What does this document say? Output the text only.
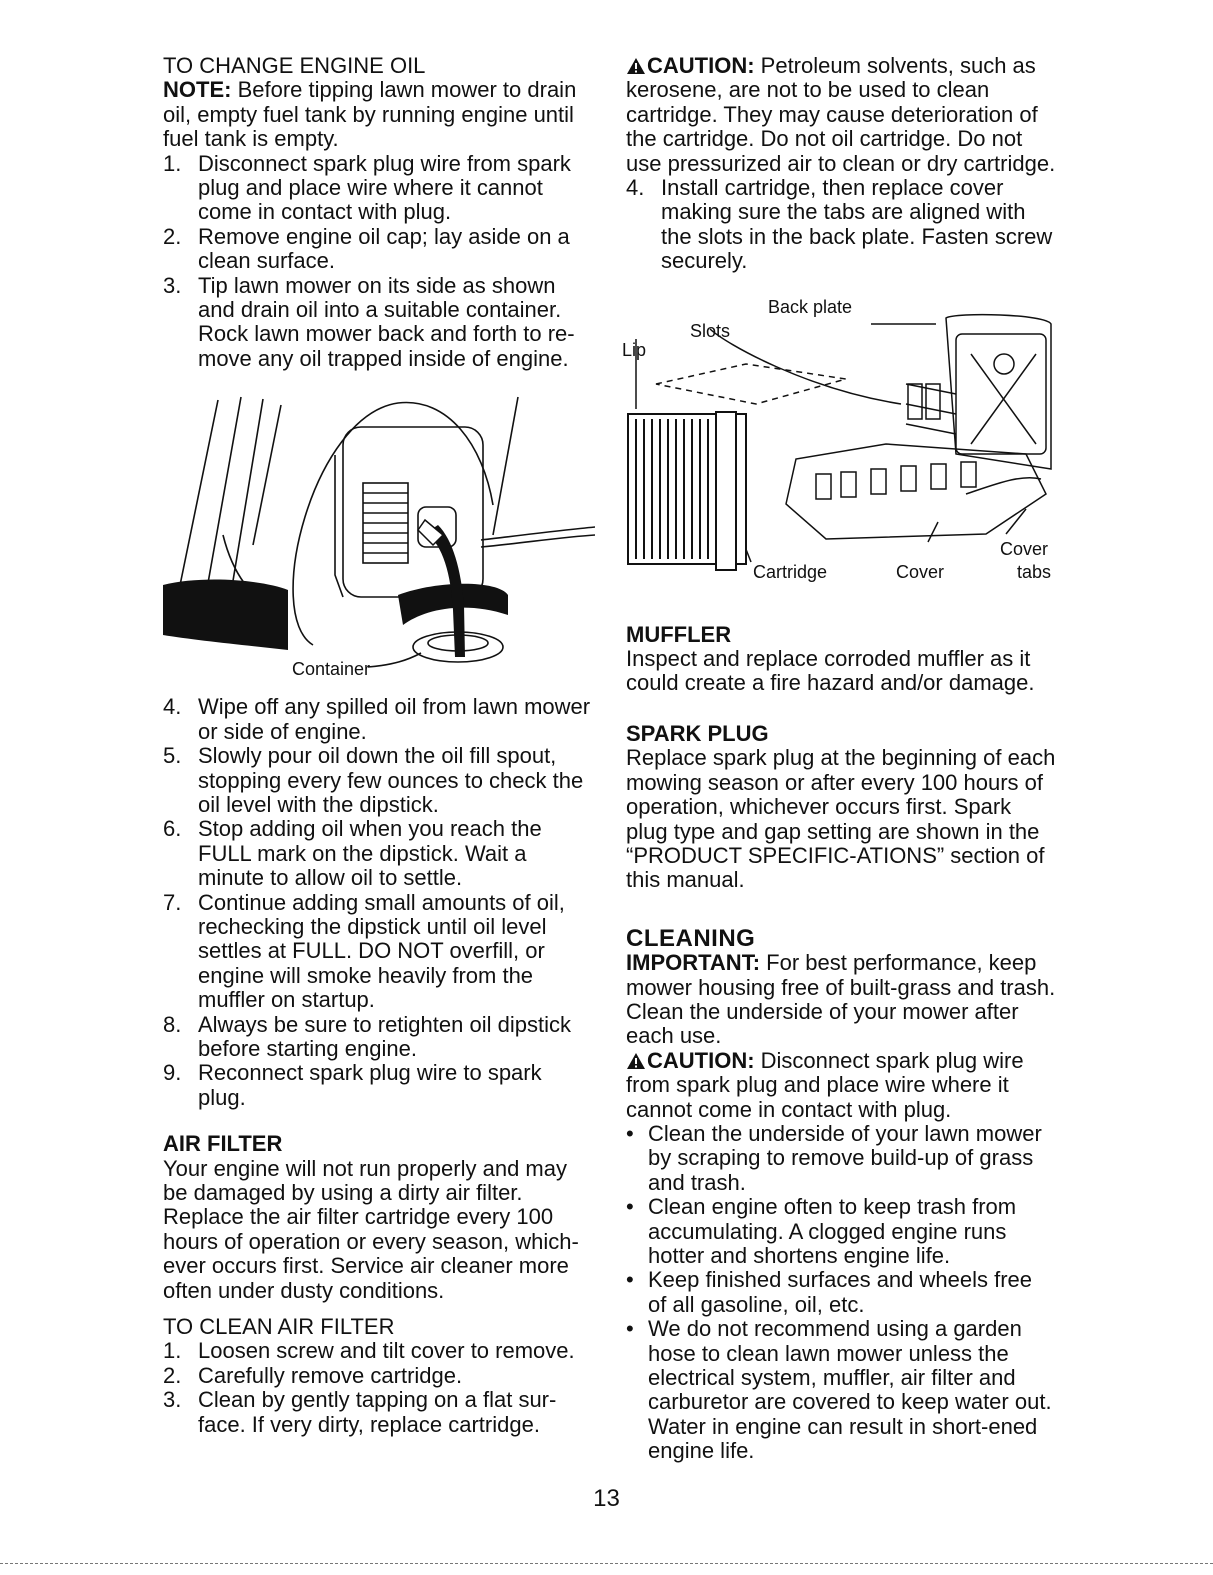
TO CHANGE ENGINE OIL

NOTE: Before tipping lawn mower to drain oil, empty fuel tank by running engine until fuel tank is empty.

1. Disconnect spark plug wire from spark plug and place wire where it cannot come in contact with plug.
2. Remove engine oil cap; lay aside on a clean surface.
3. Tip lawn mower on its side as shown and drain oil into a suitable container. Rock lawn mower back and forth to re-move any oil trapped inside of engine.
Container
4. Wipe off any spilled oil from lawn mower or side of engine.
5. Slowly pour oil down the oil fill spout, stopping every few ounces to check the oil level with the dipstick.
6. Stop adding oil when you reach the FULL mark on the dipstick. Wait a minute to allow oil to settle.
7. Continue adding small amounts of oil, rechecking the dipstick until oil level settles at FULL. DO NOT overfill, or engine will smoke heavily from the muffler on startup.
8. Always be sure to retighten oil dipstick before starting engine.
9. Reconnect spark plug wire to spark plug.

AIR FILTER

Your engine will not run properly and may be damaged by using a dirty air filter. Replace the air filter cartridge every 100 hours of operation or every season, which-ever occurs first. Service air cleaner more often under dusty conditions.

TO CLEAN AIR FILTER

1. Loosen screw and tilt cover to remove.
2. Carefully remove cartridge.
3. Clean by gently tapping on a flat sur-face. If very dirty, replace cartridge.

CAUTION: Petroleum solvents, such as kerosene, are not to be used to clean cartridge. They may cause deterioration of the cartridge. Do not oil cartridge. Do not use pressurized air to clean or dry cartridge.

4. Install cartridge, then replace cover making sure the tabs are aligned with the slots in the back plate. Fasten screw securely.
Back plate
Slots
Lip
Cartridge	Cover
Cover
tabs

MUFFLER

Inspect and replace corroded muffler as it could create a fire hazard and/or damage.

SPARK PLUG

Replace spark plug at the beginning of each mowing season or after every 100 hours of operation, whichever occurs first. Spark plug type and gap setting are shown in the “PRODUCT SPECIFIC-ATIONS” section of this manual.

CLEANING

IMPORTANT: For best performance, keep mower housing free of built-grass and trash. Clean the underside of your mower after each use.

CAUTION: Disconnect spark plug wire from spark plug and place wire where it cannot come in contact with plug.

• Clean the underside of your lawn mower by scraping to remove build-up of grass and trash.
• Clean engine often to keep trash from accumulating. A clogged engine runs hotter and shortens engine life.
• Keep finished surfaces and wheels free of all gasoline, oil, etc.
• We do not recommend using a garden hose to clean lawn mower unless the electrical system, muffler, air filter and carburetor are covered to keep water out. Water in engine can result in short-ened engine life.
13
